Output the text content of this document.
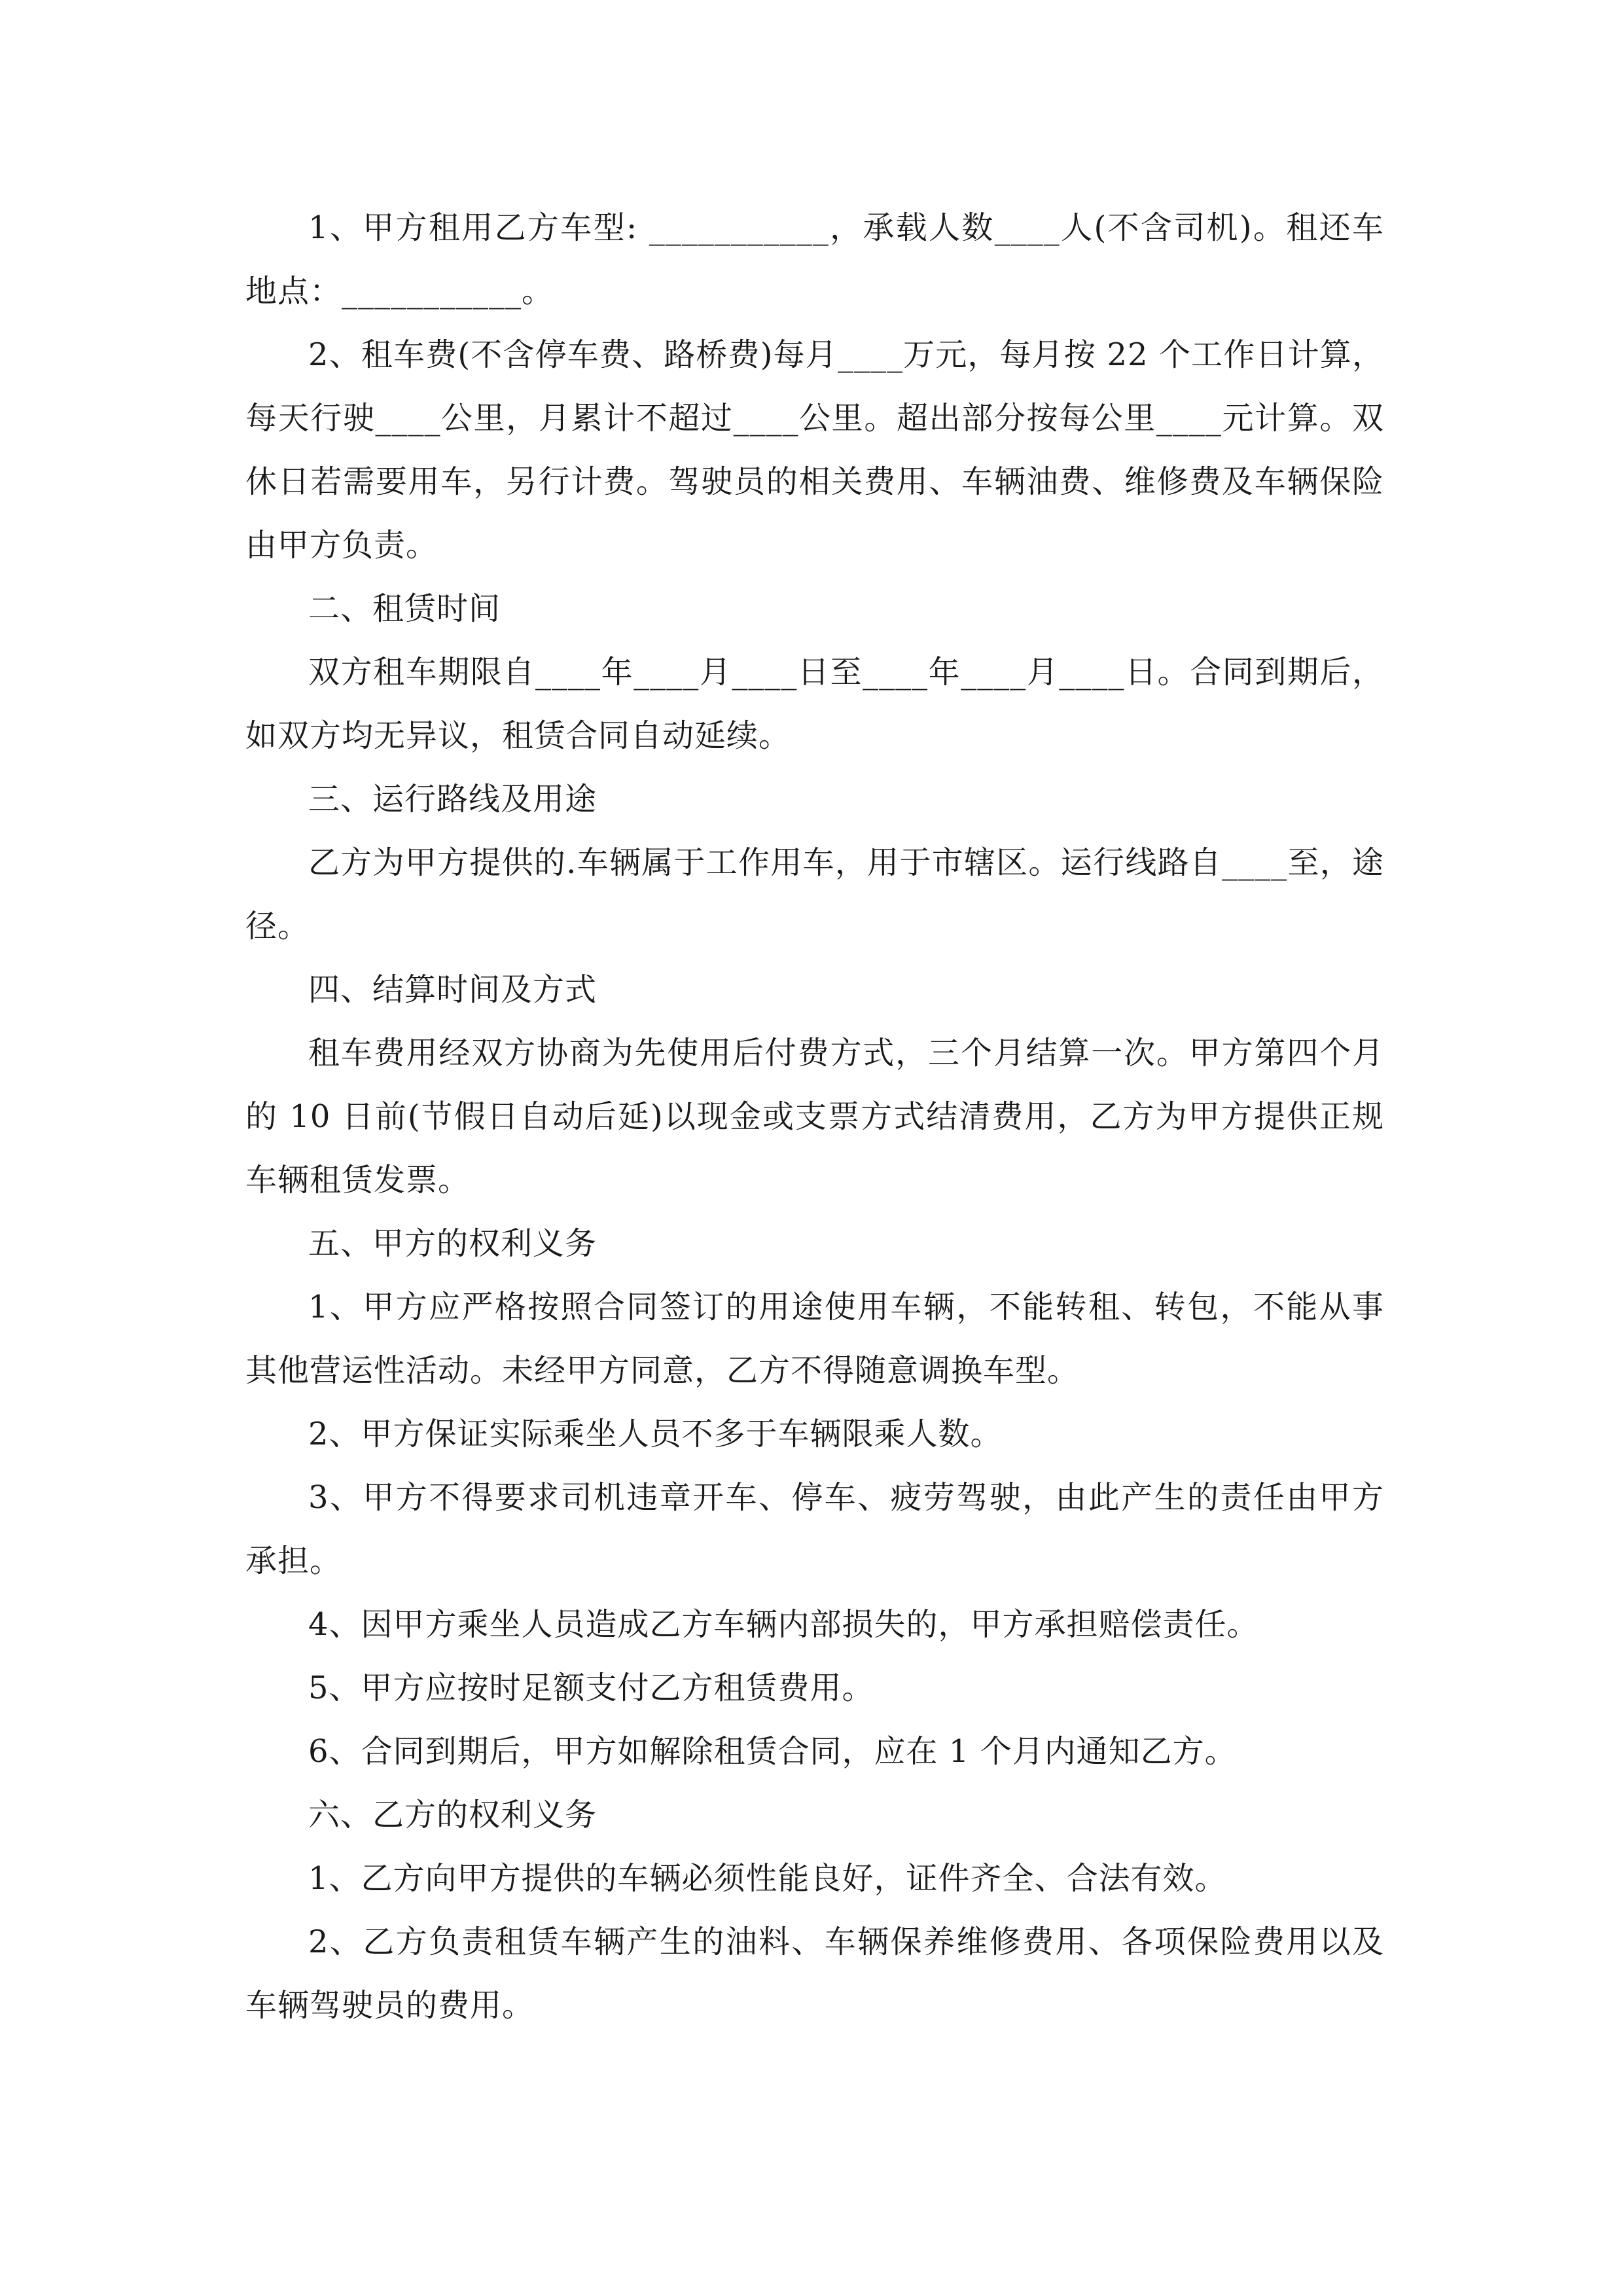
1、甲方租用乙方车型: ___________，承载人数____人(不含司机)。租还车地点：___________。

2、租车费(不含停车费、路桥费)每月____万元，每月按 22 个工作日计算，每天行驶____公里，月累计不超过____公里。超出部分按每公里____元计算。双休日若需要用车，另行计费。驾驶员的相关费用、车辆油费、维修费及车辆保险由甲方负责。

二、租赁时间

双方租车期限自____年____月____日至____年____月____日。合同到期后，如双方均无异议，租赁合同自动延续。

三、运行路线及用途

乙方为甲方提供的.车辆属于工作用车，用于市辖区。运行线路自____至，途径。

四、结算时间及方式

租车费用经双方协商为先使用后付费方式，三个月结算一次。甲方第四个月的 10 日前(节假日自动后延)以现金或支票方式结清费用，乙方为甲方提供正规车辆租赁发票。

五、甲方的权利义务

1、甲方应严格按照合同签订的用途使用车辆，不能转租、转包，不能从事其他营运性活动。未经甲方同意，乙方不得随意调换车型。

2、甲方保证实际乘坐人员不多于车辆限乘人数。

3、甲方不得要求司机违章开车、停车、疲劳驾驶，由此产生的责任由甲方承担。

4、因甲方乘坐人员造成乙方车辆内部损失的，甲方承担赔偿责任。

5、甲方应按时足额支付乙方租赁费用。

6、合同到期后，甲方如解除租赁合同，应在 1 个月内通知乙方。

六、乙方的权利义务

1、乙方向甲方提供的车辆必须性能良好，证件齐全、合法有效。

2、乙方负责租赁车辆产生的油料、车辆保养维修费用、各项保险费用以及车辆驾驶员的费用。
